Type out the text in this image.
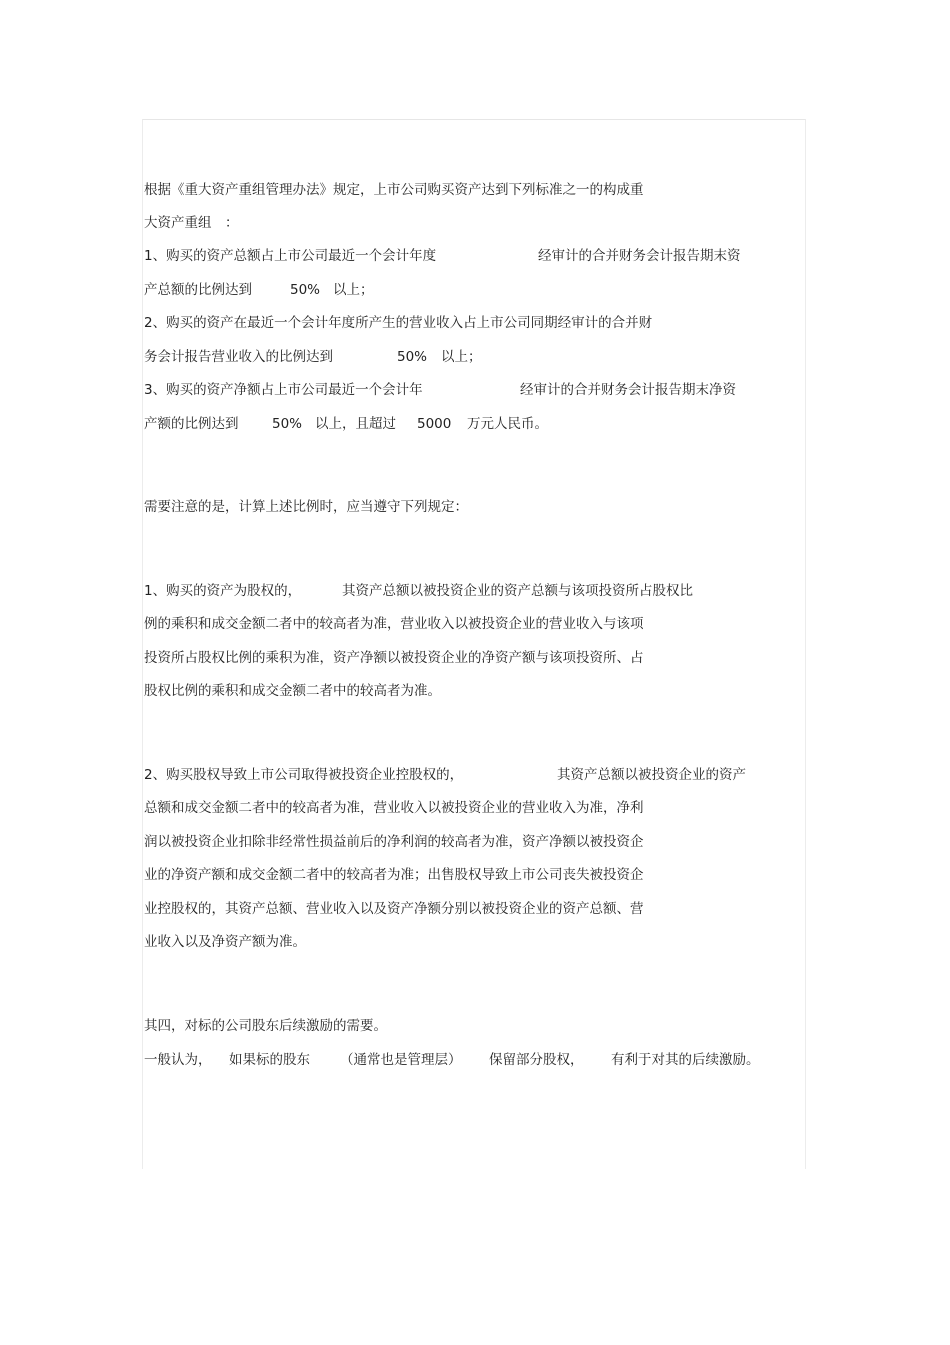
根据《重大资产重组管理办法》规定，上市公司购买资产达到下列标准之一的构成重

大资产重组　：

1、购买的资产总额占上市公司最近一个会计年度

	经审计的合并财务会计报告期末资

产总额的比例达到

	50%

以上；

2、购买的资产在最近一个会计年度所产生的营业收入占上市公司同期经审计的合并财

务会计报告营业收入的比例达到

	50%

以上；

3、购买的资产净额占上市公司最近一个会计年

	经审计的合并财务会计报告期末净资

产额的比例达到

50%

以上，且超过

5000

万元人民币。

需要注意的是，计算上述比例时，应当遵守下列规定：

1、购买的资产为股权的，

	其资产总额以被投资企业的资产总额与该项投资所占股权比

例的乘积和成交金额二者中的较高者为准，营业收入以被投资企业的营业收入与该项

投资所占股权比例的乘积为准，资产净额以被投资企业的净资产额与该项投资所、占

股权比例的乘积和成交金额二者中的较高者为准。

2、购买股权导致上市公司取得被投资企业控股权的，

	其资产总额以被投资企业的资产

总额和成交金额二者中的较高者为准，营业收入以被投资企业的营业收入为准，净利

润以被投资企业扣除非经常性损益前后的净利润的较高者为准，资产净额以被投资企

业的净资产额和成交金额二者中的较高者为准；出售股权导致上市公司丧失被投资企

业控股权的，其资产总额、营业收入以及资产净额分别以被投资企业的资产总额、营

业收入以及净资产额为准。

其四，对标的公司股东后续激励的需要。

一般认为，

如果标的股东

（通常也是管理层）

保留部分股权，

有利于对其的后续激励。
